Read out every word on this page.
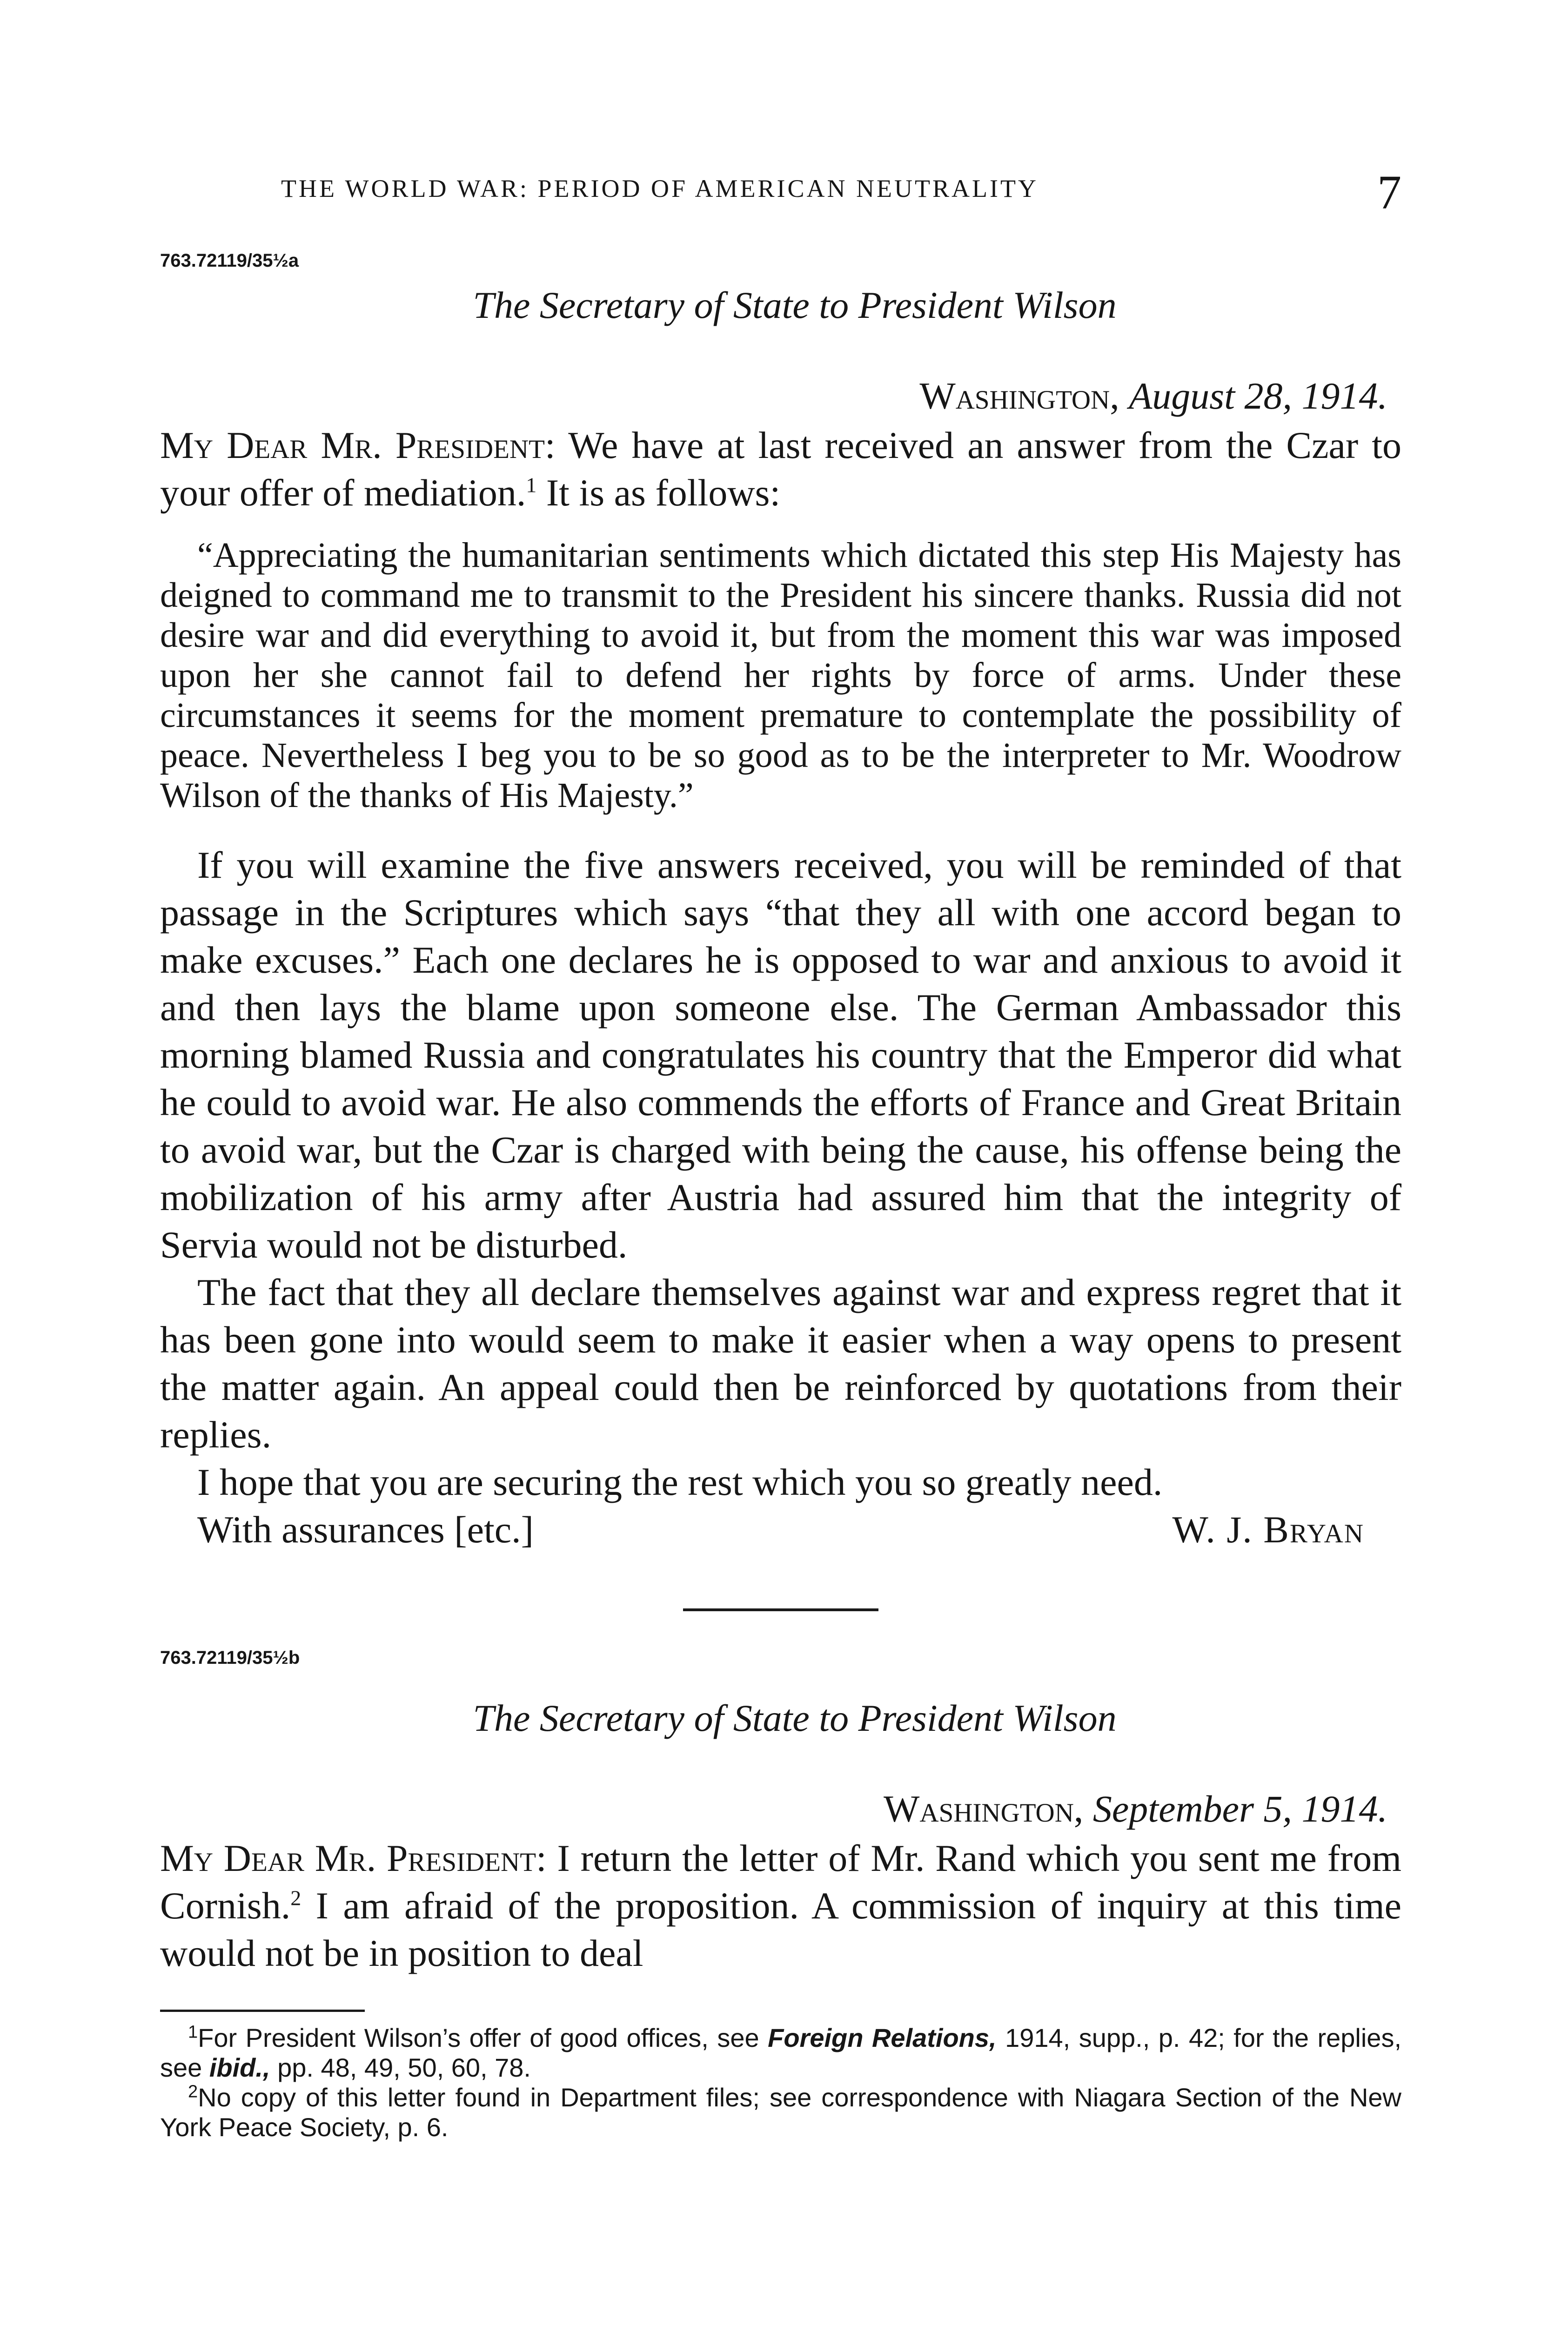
THE WORLD WAR: PERIOD OF AMERICAN NEUTRALITY	7

763.72119/35½a

The Secretary of State to President Wilson

Washington, August 28, 1914.

My Dear Mr. President: We have at last received an answer from the Czar to your offer of mediation.$^1$ It is as follows:

“Appreciating the humanitarian sentiments which dictated this step His Majesty has deigned to command me to transmit to the President his sincere thanks. Russia did not desire war and did everything to avoid it, but from the moment this war was imposed upon her she cannot fail to defend her rights by force of arms. Under these circumstances it seems for the moment premature to contemplate the possibility of peace. Nevertheless I beg you to be so good as to be the interpreter to Mr. Woodrow Wilson of the thanks of His Majesty.”

If you will examine the five answers received, you will be reminded of that passage in the Scriptures which says “that they all with one accord began to make excuses.” Each one declares he is opposed to war and anxious to avoid it and then lays the blame upon someone else. The German Ambassador this morning blamed Russia and congratulates his country that the Emperor did what he could to avoid war. He also commends the efforts of France and Great Britain to avoid war, but the Czar is charged with being the cause, his offense being the mobilization of his army after Austria had assured him that the integrity of Servia would not be disturbed.

The fact that they all declare themselves against war and express regret that it has been gone into would seem to make it easier when a way opens to present the matter again. An appeal could then be reinforced by quotations from their replies.

I hope that you are securing the rest which you so greatly need.

With assurances [etc.]	W. J. Bryan

763.72119/35½b

The Secretary of State to President Wilson

Washington, September 5, 1914.

My Dear Mr. President: I return the letter of Mr. Rand which you sent me from Cornish.$^2$ I am afraid of the proposition. A commission of inquiry at this time would not be in position to deal

$^1$For President Wilson’s offer of good offices, see Foreign Relations, 1914, supp., p. 42; for the replies, see ibid., pp. 48, 49, 50, 60, 78.

$^2$No copy of this letter found in Department files; see correspondence with Niagara Section of the New York Peace Society, p. 6.
